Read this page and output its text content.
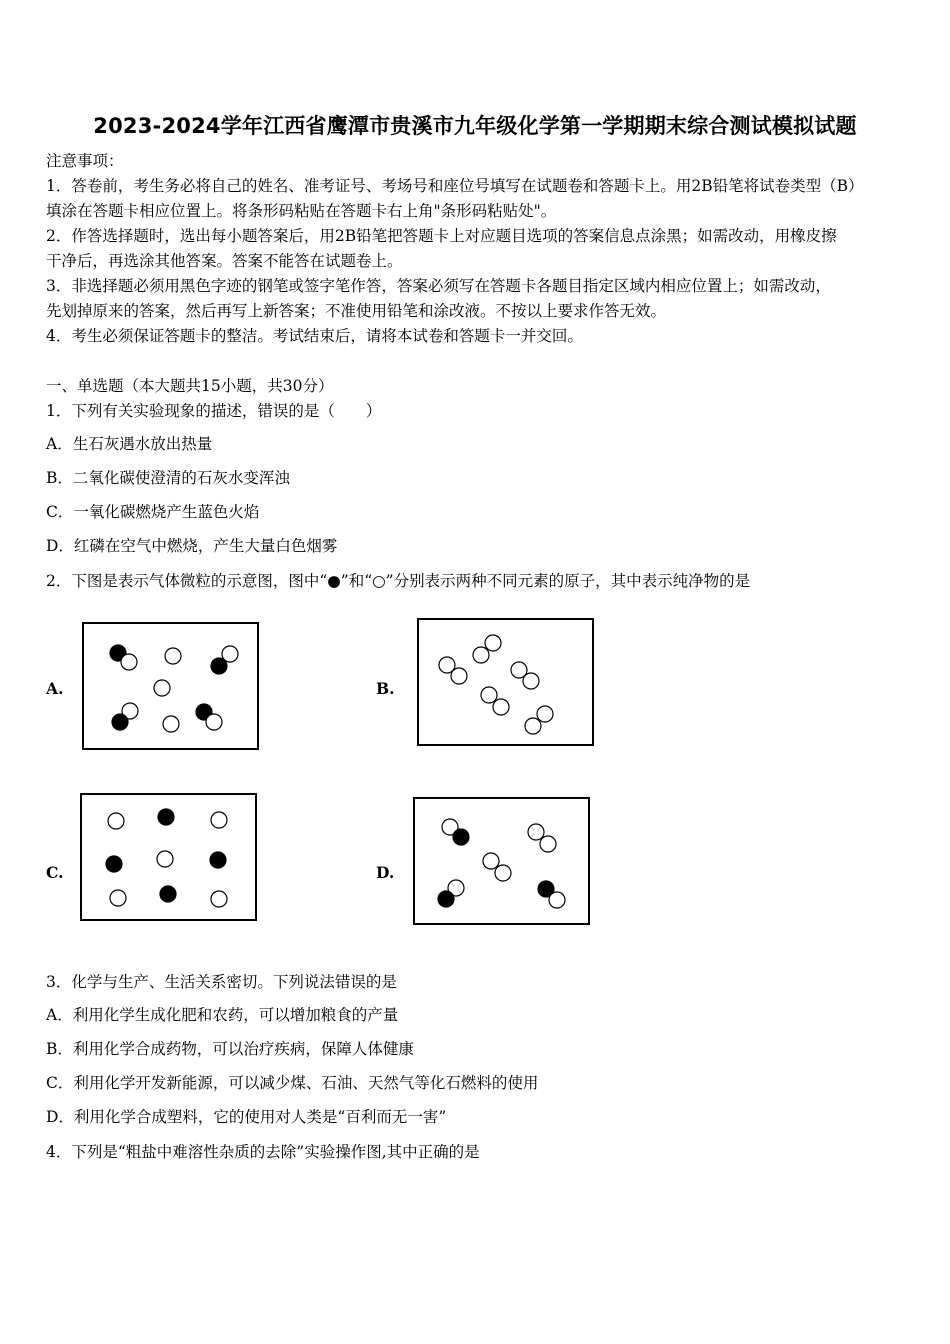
2023-2024学年江西省鹰潭市贵溪市九年级化学第一学期期末综合测试模拟试题
注意事项：
1．答卷前，考生务必将自己的姓名、准考证号、考场号和座位号填写在试题卷和答题卡上。用2B铅笔将试卷类型（B）
填涂在答题卡相应位置上。将条形码粘贴在答题卡右上角"条形码粘贴处"。
2．作答选择题时，选出每小题答案后，用2B铅笔把答题卡上对应题目选项的答案信息点涂黑；如需改动，用橡皮擦
干净后，再选涂其他答案。答案不能答在试题卷上。
3．非选择题必须用黑色字迹的钢笔或签字笔作答，答案必须写在答题卡各题目指定区域内相应位置上；如需改动，
先划掉原来的答案，然后再写上新答案；不准使用铅笔和涂改液。不按以上要求作答无效。
4．考生必须保证答题卡的整洁。考试结束后，请将本试卷和答题卡一并交回。
一、单选题（本大题共15小题，共30分）
1．下列有关实验现象的描述，错误的是（　　）
A．生石灰遇水放出热量
B．二氧化碳使澄清的石灰水变浑浊
C．一氧化碳燃烧产生蓝色火焰
D．红磷在空气中燃烧，产生大量白色烟雾
2．下图是表示气体微粒的示意图，图中“●”和“○”分别表示两种不同元素的原子，其中表示纯净物的是
A.	B.
C.	D.
3．化学与生产、生活关系密切。下列说法错误的是
A．利用化学生成化肥和农药，可以增加粮食的产量
B．利用化学合成药物，可以治疗疾病，保障人体健康
C．利用化学开发新能源，可以减少煤、石油、天然气等化石燃料的使用
D．利用化学合成塑料，它的使用对人类是“百利而无一害”
4．下列是“粗盐中难溶性杂质的去除”实验操作图,其中正确的是
